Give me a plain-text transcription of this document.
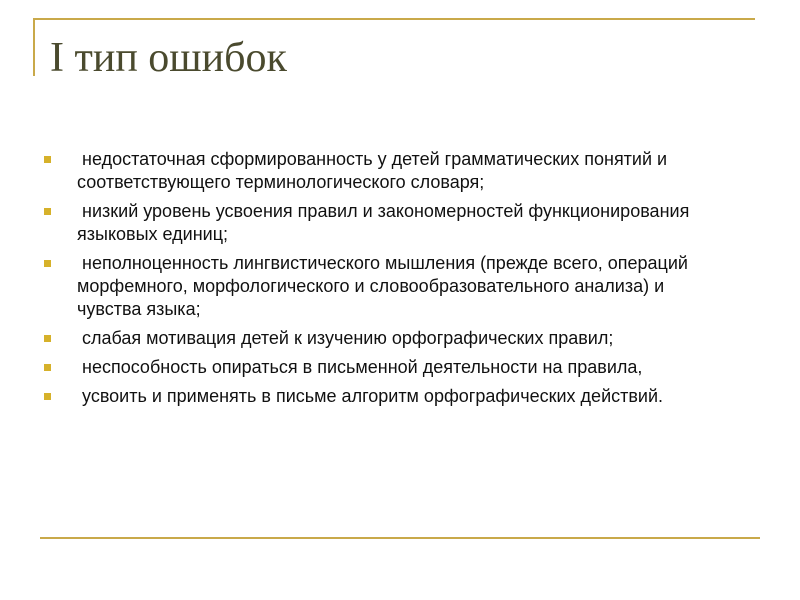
I тип ошибок
недостаточная сформированность у детей грамматических понятий и соответствующего терминологического словаря;
низкий уровень усвоения правил и закономерностей функционирования языковых единиц;
неполноценность лингвистического мышления (прежде всего, операций морфемного, морфологического и словообразовательного анализа) и чувства языка;
слабая мотивация детей к изучению орфографических правил;
неспособность опираться в письменной деятельности на правила,
усвоить и применять в письме алгоритм орфографических действий.
